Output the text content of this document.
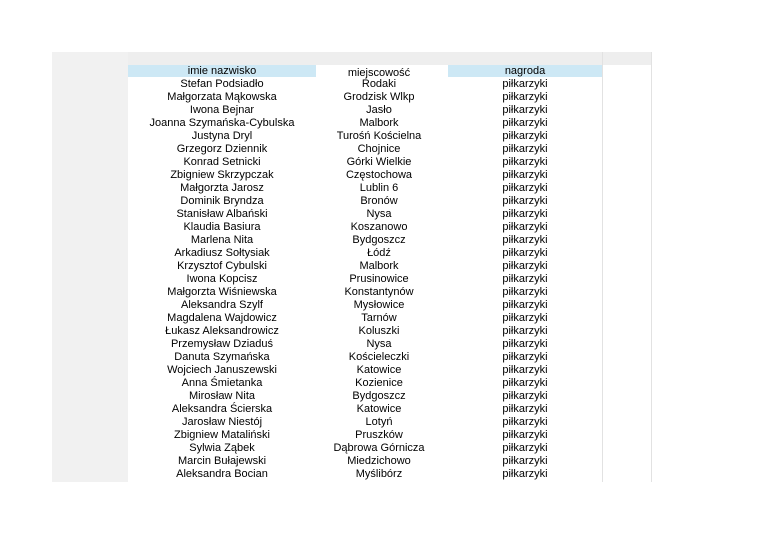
imie nazwisko	miejscowość	nagroda
Stefan Podsiadło	Rodaki	piłkarzyki
Małgorzata Mąkowska	Grodzisk Wlkp	piłkarzyki
Iwona Bejnar	Jasło	piłkarzyki
Joanna Szymańska-Cybulska	Malbork	piłkarzyki
Justyna Dryl	Turośń Kościelna	piłkarzyki
Grzegorz Dziennik	Chojnice	piłkarzyki
Konrad Setnicki	Górki Wielkie	piłkarzyki
Zbigniew Skrzypczak	Częstochowa	piłkarzyki
Małgorzta Jarosz	Lublin 6	piłkarzyki
Dominik Bryndza	Bronów	piłkarzyki
Stanisław Albański	Nysa	piłkarzyki
Klaudia Basiura	Koszanowo	piłkarzyki
Marlena Nita	Bydgoszcz	piłkarzyki
Arkadiusz Sołtysiak	Łódź	piłkarzyki
Krzysztof Cybulski	Malbork	piłkarzyki
Iwona Kopcisz	Prusinowice	piłkarzyki
Małgorzta Wiśniewska	Konstantynów	piłkarzyki
Aleksandra Szylf	Mysłowice	piłkarzyki
Magdalena Wajdowicz	Tarnów	piłkarzyki
Łukasz Aleksandrowicz	Koluszki	piłkarzyki
Przemysław Dziaduś	Nysa	piłkarzyki
Danuta Szymańska	Kościeleczki	piłkarzyki
Wojciech Januszewski	Katowice	piłkarzyki
Anna Śmietanka	Kozienice	piłkarzyki
Mirosław Nita	Bydgoszcz	piłkarzyki
Aleksandra Ścierska	Katowice	piłkarzyki
Jarosław Niestój	Lotyń	piłkarzyki
Zbigniew Mataliński	Pruszków	piłkarzyki
Sylwia Ząbek	Dąbrowa Górnicza	piłkarzyki
Marcin Bułajewski	Miedzichowo	piłkarzyki
Aleksandra Bocian	Myślibórz	piłkarzyki
